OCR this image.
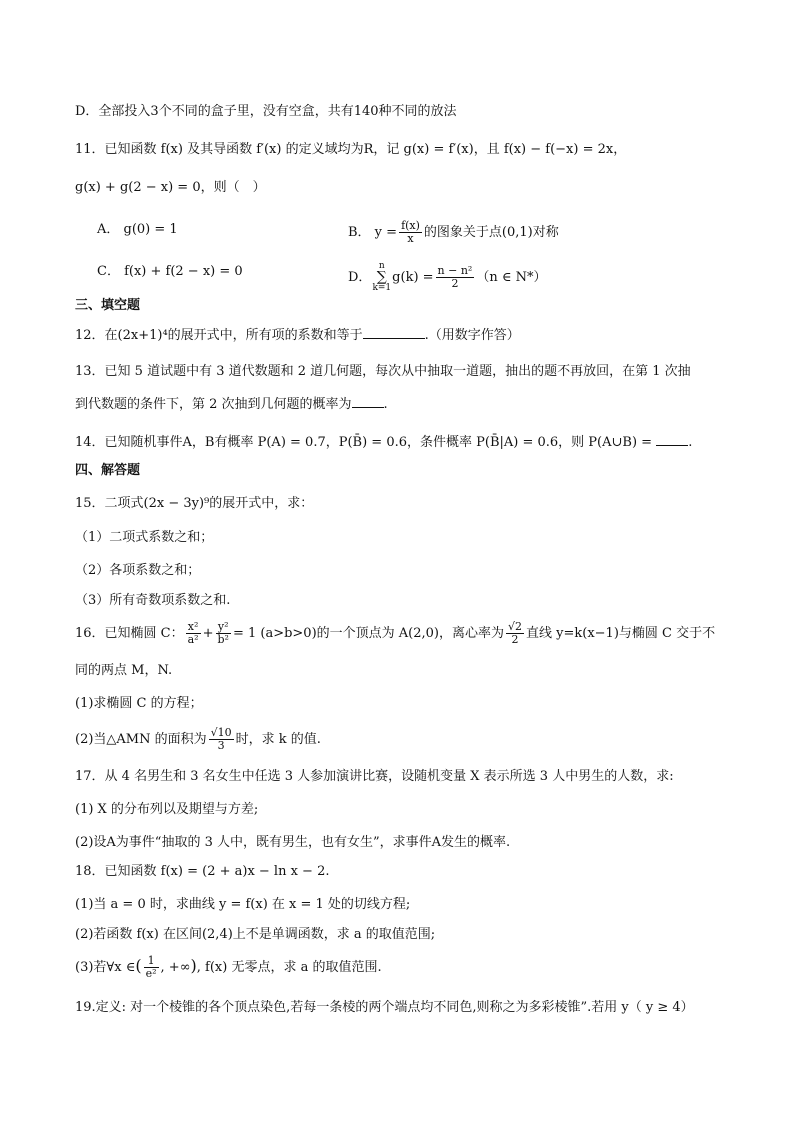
D．全部投入3个不同的盒子里，没有空盒，共有140种不同的放法
11．已知函数 f(x) 及其导函数 f′(x) 的定义域均为R，记 g(x) = f′(x)，且 f(x) − f(−x) = 2x，
g(x) + g(2 − x) = 0，则（　）
A． g(0) = 1	B． $y = \frac{f(x)}{x}$ 的图象关于点(0,1)对称
C． f(x) + f(2 − x) = 0	D．n
∑
$k=1g(k) = \frac{\text{n − n²}}{2} (n$ ∈ N*）
三、填空题
12．在(2x+1)⁴的展开式中，所有项的系数和等于	.（用数字作答）
13．已知 5 道试题中有 3 道代数题和 2 道几何题，每次从中抽取一道题，抽出的题不再放回，在第 1 次抽
到代数题的条件下，第 2 次抽到几何题的概率为 .
14．已知随机事件A，B有概率 P(A) = 0.7，P(B̄) = 0.6，条件概率 P(B̄|A) = 0.6，则 P(A∪B) =	.
四、解答题
15．二项式(2x − 3y)⁹的展开式中，求：
（1）二项式系数之和；
（2）各项系数之和；
（3）所有奇数项系数之和.
16．已知椭圆 C： $\frac{\text{x²}}{\text{a²}} + \frac{\text{y²}}{\text{b²}} = 1$ (a>b>0)的一个顶点为 A(2,0)，离心率为 $\frac{√2}{2}$ 直线 y=k(x−1)与椭圆 C 交于不
同的两点 M，N.
(1)求椭圆 C 的方程；
(2)当△AMN 的面积为 $\frac{√10}{3}$ 时，求 k 的值.
17．从 4 名男生和 3 名女生中任选 3 人参加演讲比赛，设随机变量 X 表示所选 3 人中男生的人数，求:
(1) X 的分布列以及期望与方差;
(2)设A为事件“抽取的 3 人中，既有男生，也有女生”，求事件A发生的概率.
18．已知函数 f(x) = (2 + a)x − ln x − 2.
(1)当 a = 0 时，求曲线 y = f(x) 在 x = 1 处的切线方程;
(2)若函数 f(x) 在区间(2,4)上不是单调函数，求 a 的取值范围;
(3)若∀x ∈( $\frac{1}{\text{e²}}$ , +∞), f(x) 无零点，求 a 的取值范围.
19.定义: 对一个棱锥的各个顶点染色,若每一条棱的两个端点均不同色,则称之为多彩棱锥”.若用 y（ y ≥ 4）
